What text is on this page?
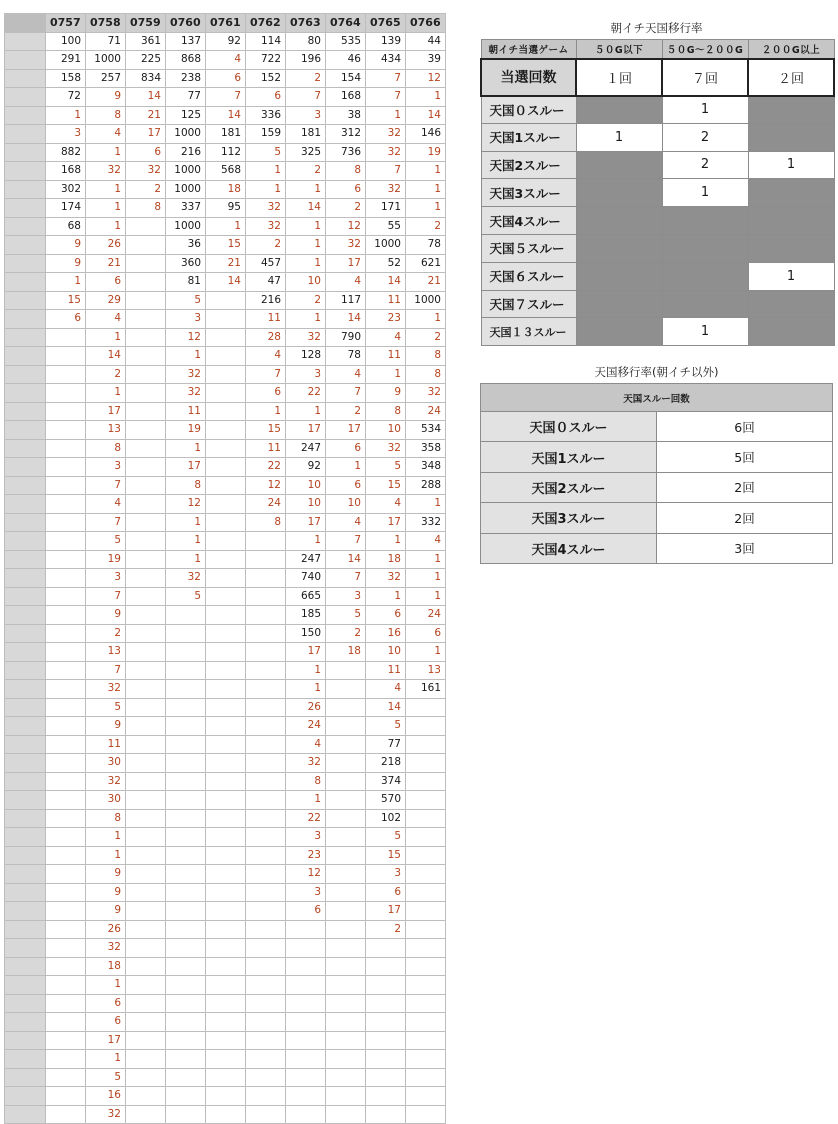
	0757	0758	0759	0760	0761	0762	0763	0764	0765	0766
	100	71	361	137	92	114	80	535	139	44
	291	1000	225	868	4	722	196	46	434	39
	158	257	834	238	6	152	2	154	7	12
	72	9	14	77	7	6	7	168	7	1
	1	8	21	125	14	336	3	38	1	14
	3	4	17	1000	181	159	181	312	32	146
	882	1	6	216	112	5	325	736	32	19
	168	32	32	1000	568	1	2	8	7	1
	302	1	2	1000	18	1	1	6	32	1
	174	1	8	337	95	32	14	2	171	1
	68	1		1000	1	32	1	12	55	2
	9	26		36	15	2	1	32	1000	78
	9	21		360	21	457	1	17	52	621
	1	6		81	14	47	10	4	14	21
	15	29		5		216	2	117	11	1000
	6	4		3		11	1	14	23	1
		1		12		28	32	790	4	2
		14		1		4	128	78	11	8
		2		32		7	3	4	1	8
		1		32		6	22	7	9	32
		17		11		1	1	2	8	24
		13		19		15	17	17	10	534
		8		1		11	247	6	32	358
		3		17		22	92	1	5	348
		7		8		12	10	6	15	288
		4		12		24	10	10	4	1
		7		1		8	17	4	17	332
		5		1			1	7	1	4
		19		1			247	14	18	1
		3		32			740	7	32	1
		7		5			665	3	1	1
		9					185	5	6	24
		2					150	2	16	6
		13					17	18	10	1
		7					1		11	13
		32					1		4	161
		5					26		14	
		9					24		5	
		11					4		77	
		30					32		218	
		32					8		374	
		30					1		570	
		8					22		102	
		1					3		5	
		1					23		15	
		9					12		3	
		9					3		6	
		9					6		17	
		26							2	
		32								
		18								
		1								
		6								
		6								
		17								
		1								
		5								
		16								
		32								
朝イチ天国移行率
朝イチ当選ゲーム	５０G以下	５０G〜２００G	２００G以上
当選回数	１回	７回	２回
天国０スルー		1	
天国1スルー	1	2	
天国2スルー		2	1
天国3スルー		1	
天国4スルー			
天国５スルー			
天国６スルー			1
天国７スルー			
天国１３スルー		1	
天国移行率(朝イチ以外)
天国スルー回数	
天国０スルー	6回
天国1スルー	5回
天国2スルー	2回
天国3スルー	2回
天国4スルー	3回
